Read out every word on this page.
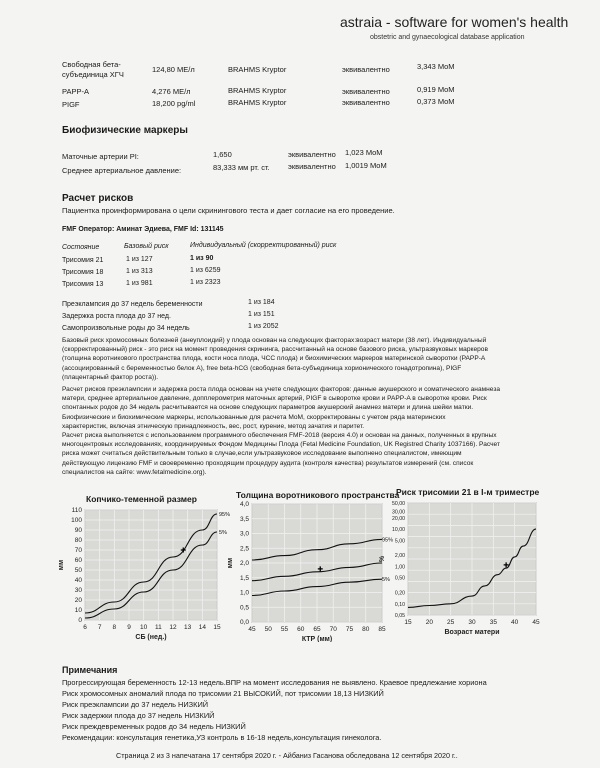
astraia - software for women's health
obstetric and gynaecological database application
Свободная бета-
субъединица ХГЧ
124,80 ME/л	BRAHMS Kryptor	эквивалентно	3,343 MoM
PAPP-A	4,276 ME/л	BRAHMS Kryptor	эквивалентно	0,919 MoM
PIGF	18,200 pg/ml	BRAHMS Kryptor	эквивалентно	0,373 MoM
Биофизические маркеры
Маточные артерии PI:	1,650	эквивалентно 1,023 MoM
Среднее артериальное давление:	83,333 мм рт. ст. эквивалентно 1,0019 MoM
Расчет рисков
Пациентка проинформирована о цели скринингового теста и дает согласие на его проведение.
FMF Оператор: Аминат Эдиева, FMF Id: 131145
Состояние	Базовый риск	Индивидуальный (скорректированный) риск
Трисомия 21	1 из 127	1 из 90
Трисомия 18	1 из 313	1 из 6259
Трисомия 13	1 из 981	1 из 2323
Преэклампсия до 37 недель беременности	1 из 184
Задержка роста плода до 37 нед.	1 из 151
Самопроизвольные роды до 34 недель	1 из 2052
Базовый риск хромосомных болезней (анеуплоидий) у плода основан на следующих факторах:возраст матери (38 лет). Индивидуальный
(скорректированный) риск - это риск на момент проведения скрининга, рассчитанный на основе базового риска, ультразвуковых маркеров
(толщина воротникового пространства плода, кости носа плода, ЧСС плода) и биохимических маркеров материнской сыворотки (PAPP-A
(ассоциированный с беременностью белок А), free beta-hCG (свободная бета-субъединица хорионического гонадотропина), PIGF
(плацентарный фактор роста)).
Расчет рисков преэклампсии и задержка роста плода основан на учете следующих факторов: данные акушерского и соматического анамнеза
матери, среднее артериальное давление, допплерометрия маточных артерий, PIGF в сыворотке крови и PAPP-A в сыворотке крови. Риск
спонтанных родов до 34 недель расчитывается на основе следующих параметров акушерский анамнез матери и длина шейки матки.
Биофизические и биохимические маркеры, использованные для расчета МоМ, скорректированы с учетом ряда материнских
характеристик, включая этническую принадлежность, вес, рост, курение, метод зачатия и паритет.
Расчет риска выполняется с использованием программного обеспечения FMF-2018 (версия 4.0) и основан на данных, полученных в крупных
многоцентровых исследованиях, координируемых Фондом Медицины Плода (Fetal Medicine Foundation, UK Registred Charity 1037166). Расчет
риска может считаться действительным только в случае,если ультразвуковое исследование выполнено специалистом, имеющим
действующую лицензию FMF и своевременно проходящим процедуру аудита (контроля качества) результатов измерений (см. список
специалистов на сайте: www.fetalmedicine.org).
Копчико-теменной размер	Толщина воротникового пространства
Риск трисомии 21 в I-м триместре
6 7 8 9 10 11 12 13 14 15
0
10
20
30
40
50
60
70
80
90
100
110
СБ (нед.)
мм
95%
5%
45 50 55 60 65 70 75 80 85
0,0
0,5
1,0
1,5
2,0
2,5
3,0
3,5
4,0
КТР (мм)
мм
95%
5%
15 20 25 30 35 40 45
0,05
0,10
0,20
0,50
1,00
2,00
5,00
10,00
20,00
30,00
50,00
Возраст матери
%
Примечания
Прогрессирующая беременность 12-13 недель.ВПР на момент исследования не выявлено. Краевое предлежание хориона
Риск хромосомных аномалий плода по трисомии 21 ВЫСОКИЙ, пот трисомии 18,13 НИЗКИЙ
Риск преэклампсии до 37 недель НИЗКИЙ
Риск задержки плода до 37 недель НИЗКИЙ
Риск преждевременных родов до 34 недель НИЗКИЙ
Рекомендации: консультация генетика,УЗ контроль в 16-18 недель,консультация гинеколога.
Страница 2 из 3 напечатана 17 сентября 2020 г. - Айбаниз Гасанова обследована 12 сентября 2020 г..
